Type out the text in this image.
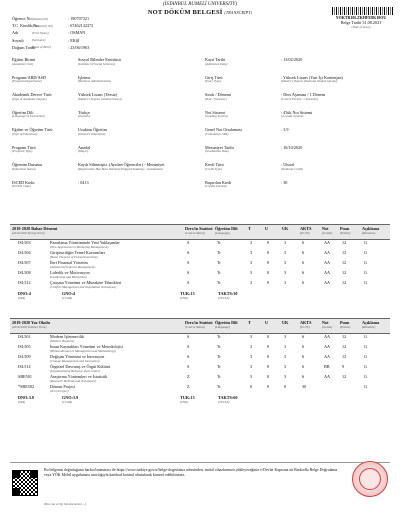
(İSTANBUL RUMELİ UNIVERSITY)
NOT DÖKÜM BELGESİ (TRANSCRIPT)
YOKTR10LZKHFE8K10OU
Belge Tarihi 31.08.2021
(Date of Issue)
Öğrenci No (Student ID)	: 190707321
T.C. Kimlik No
(TR Identity No)	: 67462142372
Adı	(First Name)	: OSMAN
Soyadı	(Surname)	: EKŞİ
Doğum Tarihi
(Date of Birth)	: 23/06/1963
Eğitim Birimi
(Academic Unit)
Sosyal Bilimler Enstitüsü
(Institute Of Social Sciences)
Program/ABD/ASD
(Program/Department)
İşletme
(Business Administration)
Akademik Derece Türü
(Type of Academic Degree)
Yüksek Lisans (Tezsiz)
(Master's Degree (without thesis))
Öğretim Dili
(Language of Instruction)
Türkçe
(Turkish)
Eğitim ve Öğretim Türü
(Type of Education)
Uzaktan Öğretim
(Distance Education)
Program Türü
(Program Type)
Anadal
(Major)
Öğrenim Durumu
(Education Status)
Kaydı Silinmiştir. (Ayrılan Öğrenciler) - Mezuniyet
(Registration Has Been Deleted (Dropped Students) - Graduation)
ISCED Kodu
(ISCED Code)
: 0413
Kayıt Tarihi
(Admission Date)
: 13/02/2020
Giriş Türü
(Entry Type)
: Yüksek Lisans (Yurt İçi Kontenjan)
(Master's Degree (National Student Quota))
Sınıfı / Dönemi
(Year / Semester)
: Ders Aşaması / 1 Dönem
(Course Period / 1 Semester)
Not Sistemi
(Grading System)
: 4'lük Not Sistemi
(4 Grade System)
Genel Not Ortalaması
(Cumulative GPA)
: 3.9
Mezuniyet Tarihi
(Graduation Date)
: 16/10/2020
Kredi Türü
(Credit Type)
: Ulusal
(National Credit)
Başarılan Kredi
(Credits Earned)
: 30
2019-2020 Bahar Dönemi
(2019-2020 Spring Term)
Ders/in Statüsü
(Course Status)
Öğretim Dili
(Language)
T	U	UK	AKTS
(ECTS)
Not
(Grade)
Puan
(Points)
Açıklama
(Remarks)
ISL503	Pazarlama Yönetiminde Yeni Yaklaşımlar
(New Approaches in Marketing Management)
S	Tr	3	0	3	6	AA	12	G
ISL504	Girişimciliğin Temel Kavramları
(Basic Theories of Entrepreneurship)
S	Tr	3	0	3	6	AA	12	G
ISL507	İleri Finansal Yönetim
(Advanced Financial Management)
S	Tr	3	0	3	6	AA	12	G
ISL508	Liderlik ve Motivasyon
(Leadership and Motivation)
S	Tr	3	0	3	6	AA	12	G
ISL512	Çatışma Yönetimi ve Müzakere Teknikleri
(Conflict Management and Negotiation Techniques)
S	Tr	3	0	3	6	AA	12	G
DNO:4
(SPA)
GNO:4
(CGPA)
TUK:15
(TNK)
TAKTS:30
(TECTS)
2019-2020 Yaz Okulu
(2019-2020 Summer Term)
Ders/in Statüsü
(Course Status)
Öğretim Dili
(Language)
T	U	UK	AKTS
(ECTS)
Not
(Grade)
Puan
(Points)
Açıklama
(Remarks)
ISL501	Modern İşletmecilik
(Modern Business)
S	Tr	3	0	3	6	AA	12	G
ISL505	İnsan Kaynakları Yönetimi ve Metodolojisi
(Human Resources Management and Methodology)
S	Tr	3	0	3	6	AA	12	G
ISL509	Değişim Yönetimi ve İnovasyon
(Change Management and Innovation)
S	Tr	3	0	3	6	AA	12	G
ISL514	Örgütsel Davranış ve Örgüt Kültürü
(Organizational Behavior and Culture)
S	Tr	3	0	3	6	BB	9	G
SBE501	Araştırma Yöntemleri ve İstatistik
(Research Methods and Techniques)
Z	Tr	3	0	3	6	AA	12	G
*SBE502	Dönem Projesi
(Term Project)
Z	Tr	0	0	0	30	G
DNO:3.8
(SPA)
GNO:3.9
(CGPA)
TUK:15
(TNK)
TAKTS:60
(TECTS)
Bu belgenin doğruluğunu barkod numarası ile https://www.turkiye.gov.tr/belge-dogrulama adresinden, mobil cihazlarınıza yükleyeceğiniz e-Devlet Kapısına ait Barkodlu Belge Doğrulama veya YÖK Mobil uygulaması aracılığıyla karekod kontrol okutularak kontrol edebilirsiniz.
(You can verify this document ...)
